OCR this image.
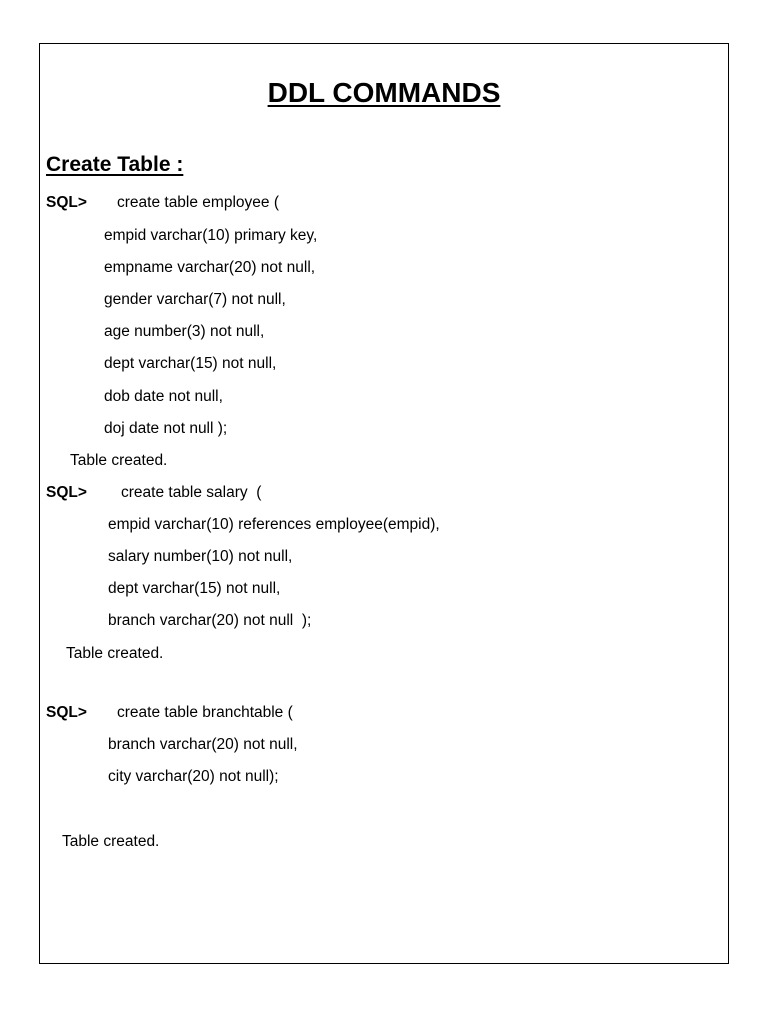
DDL COMMANDS
Create Table :
SQL> create table employee (
empid varchar(10) primary key,
empname varchar(20) not null,
gender varchar(7) not null,
age number(3) not null,
dept varchar(15) not null,
dob date not null,
doj date not null );
Table created.
SQL> create table salary  (
empid varchar(10) references employee(empid),
salary number(10) not null,
dept varchar(15) not null,
branch varchar(20) not null  );
Table created.
SQL> create table branchtable (
branch varchar(20) not null,
city varchar(20) not null);
Table created.
